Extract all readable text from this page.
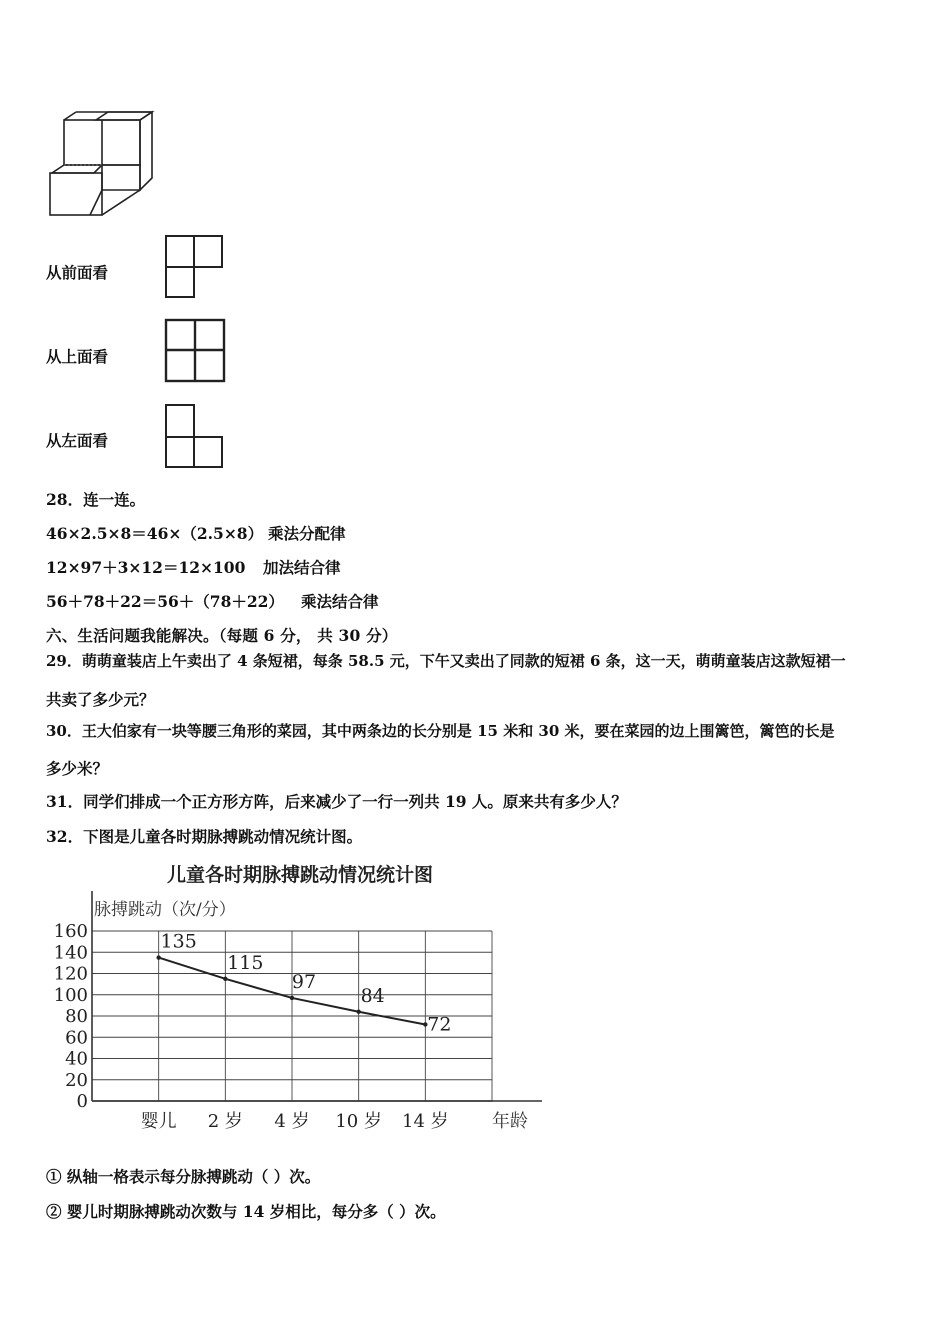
从前面看
从上面看
从左面看
28．连一连。
46×2.5×8＝46×（2.5×8） 乘法分配律
12×97＋3×12＝12×100 加法结合律
56＋78＋22＝56＋（78＋22） 乘法结合律
六、生活问题我能解决。（每题 6 分， 共 30 分）
29．萌萌童装店上午卖出了 4 条短裙，每条 58.5 元，下午又卖出了同款的短裙 6 条，这一天，萌萌童装店这款短裙一
共卖了多少元？
30．王大伯家有一块等腰三角形的菜园，其中两条边的长分别是 15 米和 30 米，要在菜园的边上围篱笆，篱笆的长是
多少米？
31．同学们排成一个正方形方阵，后来减少了一行一列共 19 人。原来共有多少人？
32．下图是儿童各时期脉搏跳动情况统计图。
儿童各时期脉搏跳动情况统计图
脉搏跳动（次/分）
0
20
40
60
80
100
120
140
160
婴儿 2 岁 4 岁 10 岁 14 岁
135
115
97
84
72
年龄
① 纵轴一格表示每分脉搏跳动（ ）次。
② 婴儿时期脉搏跳动次数与 14 岁相比，每分多（ ）次。
